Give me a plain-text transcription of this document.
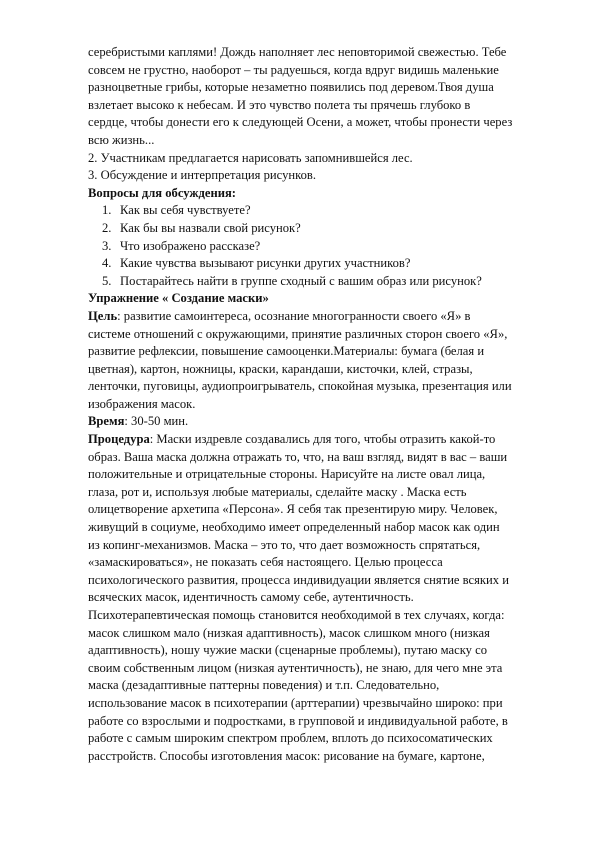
серебристыми каплями! Дождь наполняет лес неповторимой свежестью. Тебе
совсем не грустно, наоборот – ты радуешься, когда вдруг видишь маленькие
разноцветные грибы, которые незаметно появились под деревом.Твоя душа
взлетает высоко к небесам. И это чувство полета ты прячешь глубоко в
сердце, чтобы донести его к следующей Осени, а может, чтобы пронести через
всю жизнь...
2. Участникам предлагается нарисовать запомнившейся лес.
3. Обсуждение и интерпретация рисунков.
Вопросы для обсуждения:
1. Как вы себя чувствуете?
2. Как бы вы назвали свой рисунок?
3. Что изображено рассказе?
4. Какие чувства вызывают рисунки других участников?
5. Постарайтесь найти в группе сходный с вашим образ или рисунок?
Упражнение « Создание маски»
Цель: развитие самоинтереса, осознание многогранности своего «Я» в
системе отношений с окружающими, принятие различных сторон своего «Я»,
развитие рефлексии, повышение самооценки.Материалы: бумага (белая и
цветная), картон, ножницы, краски, карандаши, кисточки, клей, стразы,
ленточки, пуговицы, аудиопроигрыватель, спокойная музыка, презентация или
изображения масок.
Время: 30-50 мин.
Процедура: Маски издревле создавались для того, чтобы отразить какой-то
образ. Ваша маска должна отражать то, что, на ваш взгляд, видят в вас – ваши
положительные и отрицательные стороны. Нарисуйте на листе овал лица,
глаза, рот и, используя любые материалы, сделайте маску . Маска есть
олицетворение архетипа «Персона». Я себя так презентирую миру. Человек,
живущий в социуме, необходимо имеет определенный набор масок как один
из копинг-механизмов. Маска – это то, что дает возможность спрятаться,
«замаскироваться», не показать себя настоящего. Целью процесса
психологического развития, процесса индивидуации является снятие всяких и
всяческих масок, идентичность самому себе, аутентичность.
Психотерапевтическая помощь становится необходимой в тех случаях, когда:
масок слишком мало (низкая адаптивность), масок слишком много (низкая
адаптивность), ношу чужие маски (сценарные проблемы), путаю маску со
своим собственным лицом (низкая аутентичность), не знаю, для чего мне эта
маска (дезадаптивные паттерны поведения) и т.п. Следовательно,
использование масок в психотерапии (арттерапии) чрезвычайно широко: при
работе со взрослыми и подростками, в групповой и индивидуальной работе, в
работе с самым широким спектром проблем, вплоть до психосоматических
расстройств. Способы изготовления масок: рисование на бумаге, картоне,
